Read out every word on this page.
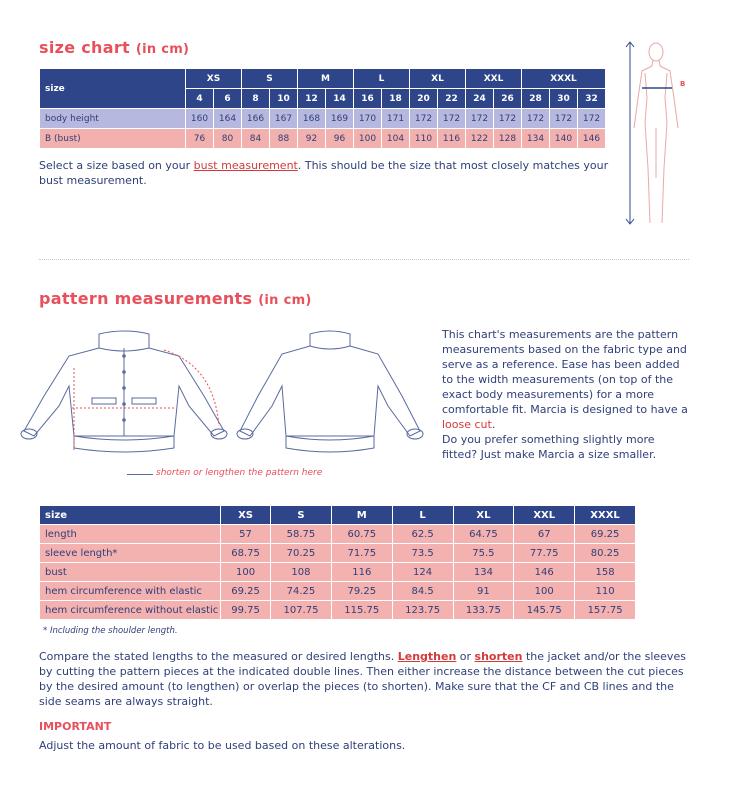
size chart (in cm)
size	XS		S		M		L		XL		XXL		XXXL		
	4	6	8	10	12	14	16	18	20	22	24	26	28	30	32
body height	160	164	166	167	168	169	170	171	172	172	172	172	172	172	172
B (bust)	76	80	84	88	92	96	100	104	110	116	122	128	134	140	146
Select a size based on your bust measurement. This should be the size that most closely matches your bust measurement.
B
pattern measurements (in cm)
shorten or lengthen the pattern here
This chart's measurements are the pattern measurements based on the fabric type and serve as a reference. Ease has been added to the width measurements (on top of the exact body measurements) for a more comfortable fit. Marcia is designed to have a loose cut.
Do you prefer something slightly more fitted? Just make Marcia a size smaller.
size	XS	S	M	L	XL	XXL	XXXL
length	57	58.75	60.75	62.5	64.75	67	69.25
sleeve length*	68.75	70.25	71.75	73.5	75.5	77.75	80.25
bust	100	108	116	124	134	146	158
hem circumference with elastic	69.25	74.25	79.25	84.5	91	100	110
hem circumference without elastic	99.75	107.75	115.75	123.75	133.75	145.75	157.75
* Including the shoulder length.
Compare the stated lengths to the measured or desired lengths. Lengthen or shorten the jacket and/or the sleeves by cutting the pattern pieces at the indicated double lines. Then either increase the distance between the cut pieces by the desired amount (to lengthen) or overlap the pieces (to shorten). Make sure that the CF and CB lines and the side seams are always straight.
IMPORTANT
Adjust the amount of fabric to be used based on these alterations.
